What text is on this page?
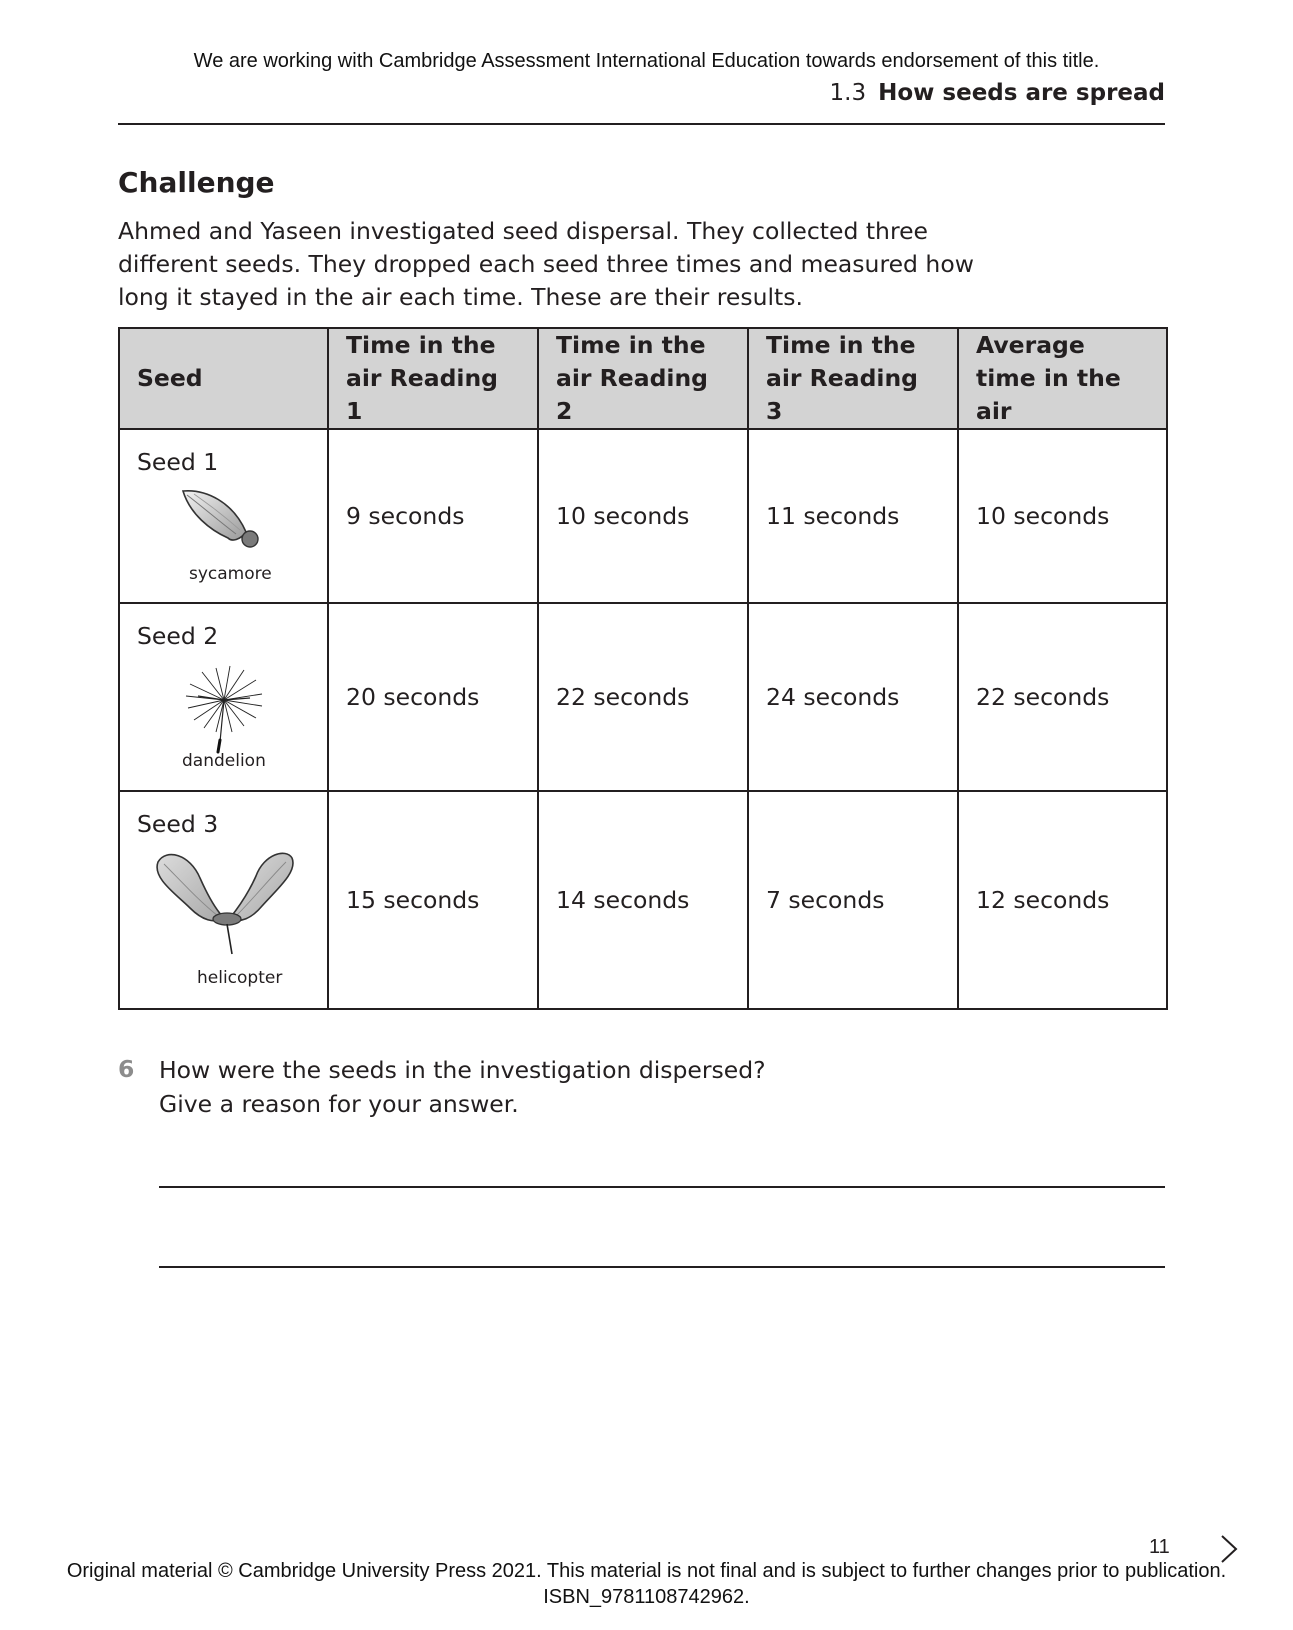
We are working with Cambridge Assessment International Education towards endorsement of this title.
1.3 How seeds are spread
Challenge
Ahmed and Yaseen investigated seed dispersal. They collected three different seeds. They dropped each seed three times and measured how long it stayed in the air each time. These are their results.
Seed	Time in the air Reading 1	Time in the air Reading 2	Time in the air Reading 3	Average time in the air

Seed 1
sycamore	9 seconds	10 seconds	11 seconds	10 seconds

Seed 2
dandelion	20 seconds	22 seconds	24 seconds	22 seconds

Seed 3
helicopter	15 seconds	14 seconds	7 seconds	12 seconds
6 How were the seeds in the investigation dispersed?
Give a reason for your answer.
11
Original material © Cambridge University Press 2021. This material is not final and is subject to further changes prior to publication.
ISBN_9781108742962.
